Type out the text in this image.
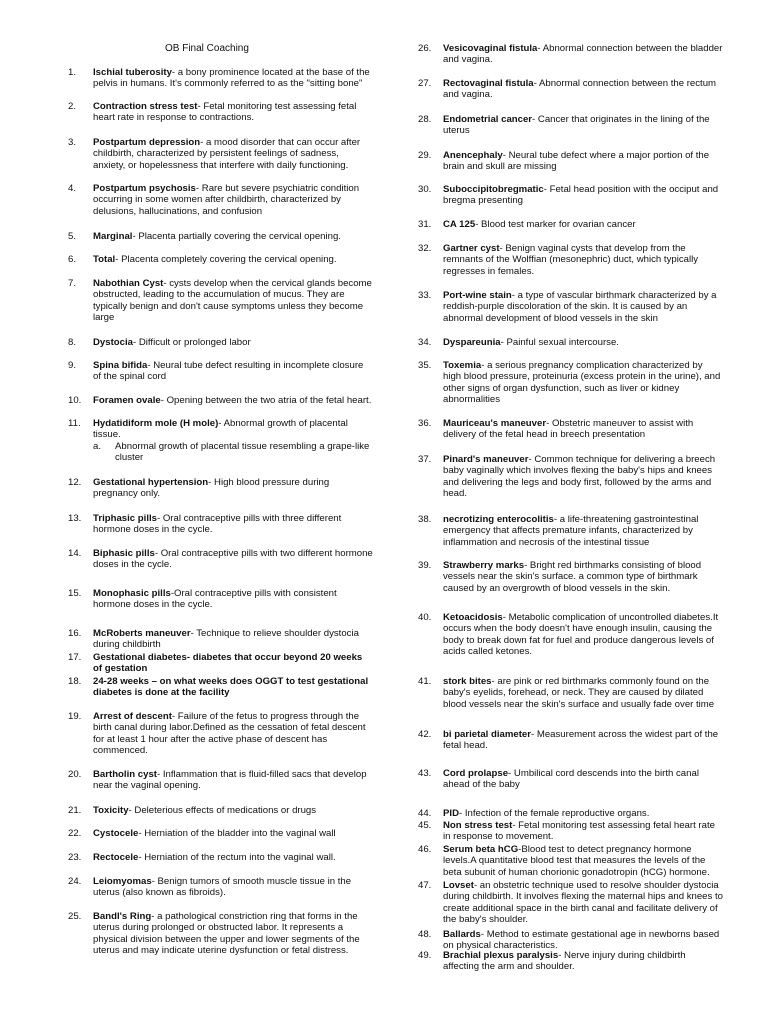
OB Final Coaching
1.	Ischial tuberosity- a bony prominence located at the base of the pelvis in humans. It's commonly referred to as the "sitting bone"
2.	Contraction stress test- Fetal monitoring test assessing fetal heart rate in response to contractions.
3.	Postpartum depression- a mood disorder that can occur after childbirth, characterized by persistent feelings of sadness, anxiety, or hopelessness that interfere with daily functioning.
4.	Postpartum psychosis- Rare but severe psychiatric condition occurring in some women after childbirth, characterized by delusions, hallucinations, and confusion
5.	Marginal- Placenta partially covering the cervical opening.
6.	Total- Placenta completely covering the cervical opening.
7.	Nabothian Cyst- cysts develop when the cervical glands become obstructed, leading to the accumulation of mucus. They are typically benign and don't cause symptoms unless they become large
8.	Dystocia- Difficult or prolonged labor
9.	Spina bifida- Neural tube defect resulting in incomplete closure of the spinal cord
10.	Foramen ovale- Opening between the two atria of the fetal heart.
11.	Hydatidiform mole (H mole)- Abnormal growth of placental tissue.
a. Abnormal growth of placental tissue resembling a grape-like cluster
12.	Gestational hypertension- High blood pressure during pregnancy only.
13.	Triphasic pills- Oral contraceptive pills with three different hormone doses in the cycle.
14.	Biphasic pills- Oral contraceptive pills with two different hormone doses in the cycle.
15.	Monophasic pills-Oral contraceptive pills with consistent hormone doses in the cycle.
16.	McRoberts maneuver- Technique to relieve shoulder dystocia during childbirth
17.	Gestational diabetes- diabetes that occur beyond 20 weeks of gestation
18.	24-28 weeks – on what weeks does OGGT to test gestational diabetes is done at the facility
19.	Arrest of descent- Failure of the fetus to progress through the birth canal during labor.Defined as the cessation of fetal descent for at least 1 hour after the active phase of descent has commenced.
20.	Bartholin cyst- Inflammation that is fluid-filled sacs that develop near the vaginal opening.
21.	Toxicity- Deleterious effects of medications or drugs
22.	Cystocele- Herniation of the bladder into the vaginal wall
23.	Rectocele- Herniation of the rectum into the vaginal wall.
24.	Leiomyomas- Benign tumors of smooth muscle tissue in the uterus (also known as fibroids).
25.	Bandl's Ring- a pathological constriction ring that forms in the uterus during prolonged or obstructed labor. It represents a physical division between the upper and lower segments of the uterus and may indicate uterine dysfunction or fetal distress.
26.	Vesicovaginal fistula- Abnormal connection between the bladder and vagina.
27.	Rectovaginal fistula- Abnormal connection between the rectum and vagina.
28.	Endometrial cancer- Cancer that originates in the lining of the uterus
29.	Anencephaly- Neural tube defect where a major portion of the brain and skull are missing
30.	Suboccipitobregmatic- Fetal head position with the occiput and bregma presenting
31.	CA 125- Blood test marker for ovarian cancer
32.	Gartner cyst- Benign vaginal cysts that develop from the remnants of the Wolffian (mesonephric) duct, which typically regresses in females.
33.	Port-wine stain- a type of vascular birthmark characterized by a reddish-purple discoloration of the skin. It is caused by an abnormal development of blood vessels in the skin
34.	Dyspareunia- Painful sexual intercourse.
35.	Toxemia- a serious pregnancy complication characterized by high blood pressure, proteinuria (excess protein in the urine), and other signs of organ dysfunction, such as liver or kidney abnormalities
36.	Mauriceau's maneuver- Obstetric maneuver to assist with delivery of the fetal head in breech presentation
37.	Pinard's maneuver- Common technique for delivering a breech baby vaginally which involves flexing the baby's hips and knees and delivering the legs and body first, followed by the arms and head.
38.	necrotizing enterocolitis- a life-threatening gastrointestinal emergency that affects premature infants, characterized by inflammation and necrosis of the intestinal tissue
39.	Strawberry marks- Bright red birthmarks consisting of blood vessels near the skin's surface. a common type of birthmark caused by an overgrowth of blood vessels in the skin.
40.	Ketoacidosis- Metabolic complication of uncontrolled diabetes.It occurs when the body doesn't have enough insulin, causing the body to break down fat for fuel and produce dangerous levels of acids called ketones.
41.	stork bites- are pink or red birthmarks commonly found on the baby's eyelids, forehead, or neck. They are caused by dilated blood vessels near the skin's surface and usually fade over time
42.	bi parietal diameter- Measurement across the widest part of the fetal head.
43.	Cord prolapse- Umbilical cord descends into the birth canal ahead of the baby
44.	PID- Infection of the female reproductive organs.
45.	Non stress test- Fetal monitoring test assessing fetal heart rate in response to movement.
46.	Serum beta hCG-Blood test to detect pregnancy hormone levels.A quantitative blood test that measures the levels of the beta subunit of human chorionic gonadotropin (hCG) hormone.
47.	Lovset- an obstetric technique used to resolve shoulder dystocia during childbirth. It involves flexing the maternal hips and knees to create additional space in the birth canal and facilitate delivery of the baby's shoulder.
48.	Ballards- Method to estimate gestational age in newborns based on physical characteristics.
49.	Brachial plexus paralysis- Nerve injury during childbirth affecting the arm and shoulder.
